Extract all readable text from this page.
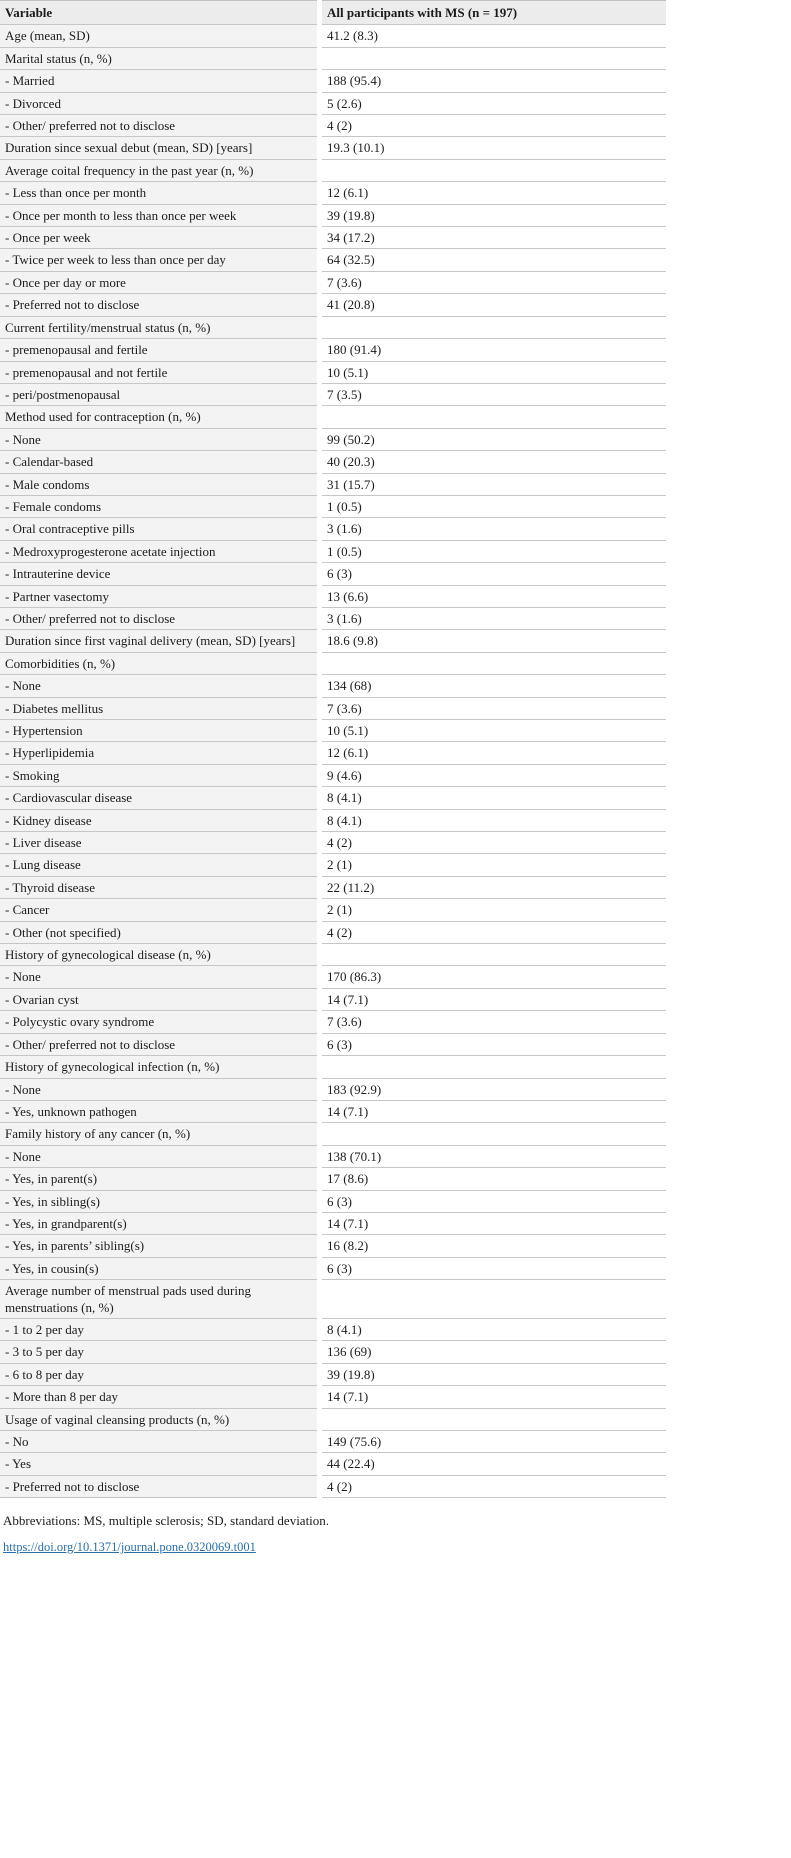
Variable	All participants with MS (n = 197)
Age (mean, SD)	41.2 (8.3)
Marital status (n, %)
- Married	188 (95.4)
- Divorced	5 (2.6)
- Other/ preferred not to disclose	4 (2)
Duration since sexual debut (mean, SD) [years]	19.3 (10.1)
Average coital frequency in the past year (n, %)
- Less than once per month	12 (6.1)
- Once per month to less than once per week	39 (19.8)
- Once per week	34 (17.2)
- Twice per week to less than once per day	64 (32.5)
- Once per day or more	7 (3.6)
- Preferred not to disclose	41 (20.8)
Current fertility/menstrual status (n, %)
- premenopausal and fertile	180 (91.4)
- premenopausal and not fertile	10 (5.1)
- peri/postmenopausal	7 (3.5)
Method used for contraception (n, %)
- None	99 (50.2)
- Calendar-based	40 (20.3)
- Male condoms	31 (15.7)
- Female condoms	1 (0.5)
- Oral contraceptive pills	3 (1.6)
- Medroxyprogesterone acetate injection	1 (0.5)
- Intrauterine device	6 (3)
- Partner vasectomy	13 (6.6)
- Other/ preferred not to disclose	3 (1.6)
Duration since first vaginal delivery (mean, SD) [years]	18.6 (9.8)
Comorbidities (n, %)
- None	134 (68)
- Diabetes mellitus	7 (3.6)
- Hypertension	10 (5.1)
- Hyperlipidemia	12 (6.1)
- Smoking	9 (4.6)
- Cardiovascular disease	8 (4.1)
- Kidney disease	8 (4.1)
- Liver disease	4 (2)
- Lung disease	2 (1)
- Thyroid disease	22 (11.2)
- Cancer	2 (1)
- Other (not specified)	4 (2)
History of gynecological disease (n, %)
- None	170 (86.3)
- Ovarian cyst	14 (7.1)
- Polycystic ovary syndrome	7 (3.6)
- Other/ preferred not to disclose	6 (3)
History of gynecological infection (n, %)
- None	183 (92.9)
- Yes, unknown pathogen	14 (7.1)
Family history of any cancer (n, %)
- None	138 (70.1)
- Yes, in parent(s)	17 (8.6)
- Yes, in sibling(s)	6 (3)
- Yes, in grandparent(s)	14 (7.1)
- Yes, in parents’ sibling(s)	16 (8.2)
- Yes, in cousin(s)	6 (3)
Average number of menstrual pads used during menstruations (n, %)
- 1 to 2 per day	8 (4.1)
- 3 to 5 per day	136 (69)
- 6 to 8 per day	39 (19.8)
- More than 8 per day	14 (7.1)
Usage of vaginal cleansing products (n, %)
- No	149 (75.6)
- Yes	44 (22.4)
- Preferred not to disclose	4 (2)
Abbreviations: MS, multiple sclerosis; SD, standard deviation.
https://doi.org/10.1371/journal.pone.0320069.t001
